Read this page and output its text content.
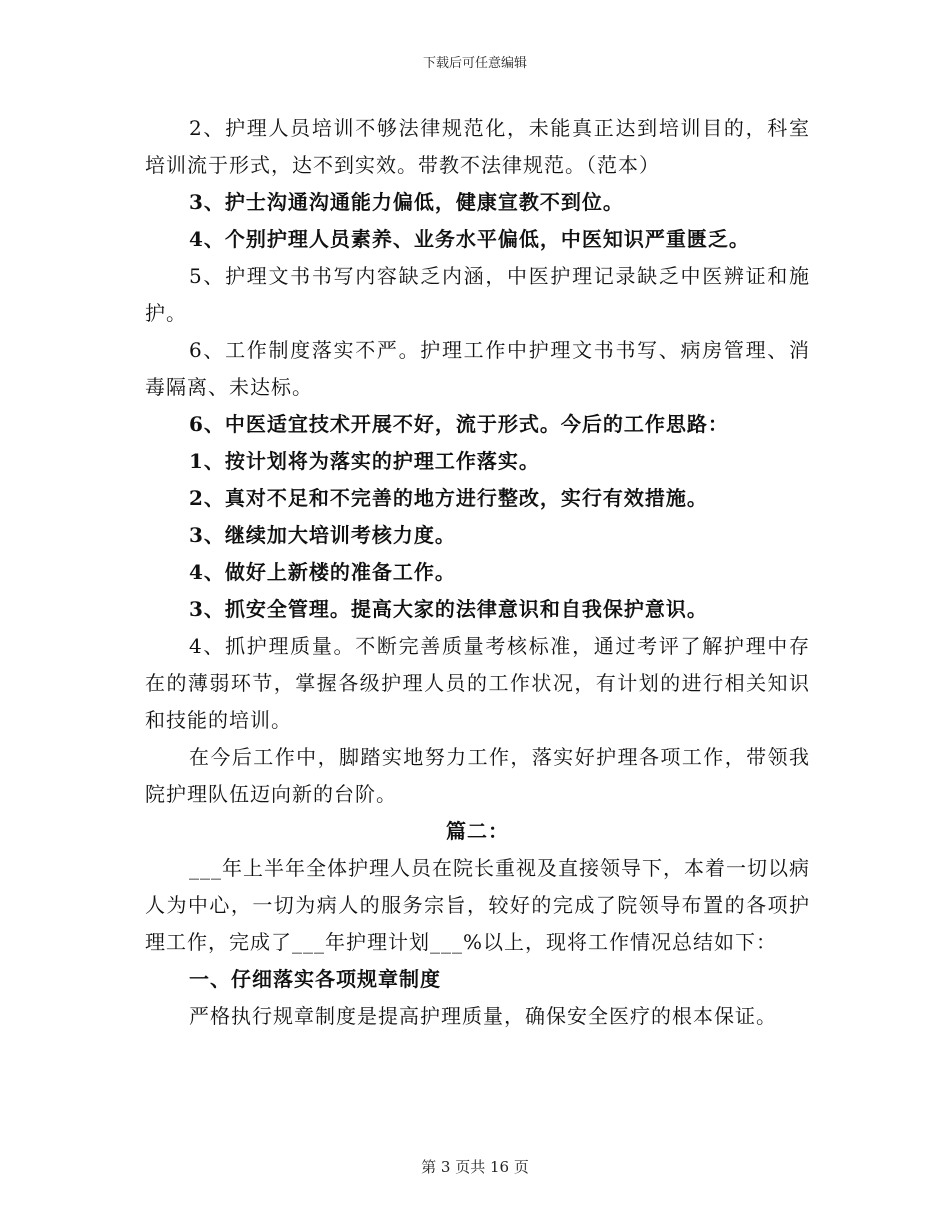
下载后可任意编辑

2、护理人员培训不够法律规范化，未能真正达到培训目的，科室培训流于形式，达不到实效。带教不法律规范。（范本）

3、护士沟通沟通能力偏低，健康宣教不到位。

4、个别护理人员素养、业务水平偏低，中医知识严重匮乏。

5、护理文书书写内容缺乏内涵，中医护理记录缺乏中医辨证和施护。

6、工作制度落实不严。护理工作中护理文书书写、病房管理、消毒隔离、未达标。

6、中医适宜技术开展不好，流于形式。今后的工作思路：

1、按计划将为落实的护理工作落实。

2、真对不足和不完善的地方进行整改，实行有效措施。

3、继续加大培训考核力度。

4、做好上新楼的准备工作。

3、抓安全管理。提高大家的法律意识和自我保护意识。

4、抓护理质量。不断完善质量考核标准，通过考评了解护理中存在的薄弱环节，掌握各级护理人员的工作状况，有计划的进行相关知识和技能的培训。

在今后工作中，脚踏实地努力工作，落实好护理各项工作，带领我院护理队伍迈向新的台阶。

篇二：

___年上半年全体护理人员在院长重视及直接领导下，本着一切以病人为中心，一切为病人的服务宗旨，较好的完成了院领导布置的各项护理工作，完成了___年护理计划___%以上，现将工作情况总结如下：

一、仔细落实各项规章制度

严格执行规章制度是提高护理质量，确保安全医疗的根本保证。

第 3 页共 16 页
